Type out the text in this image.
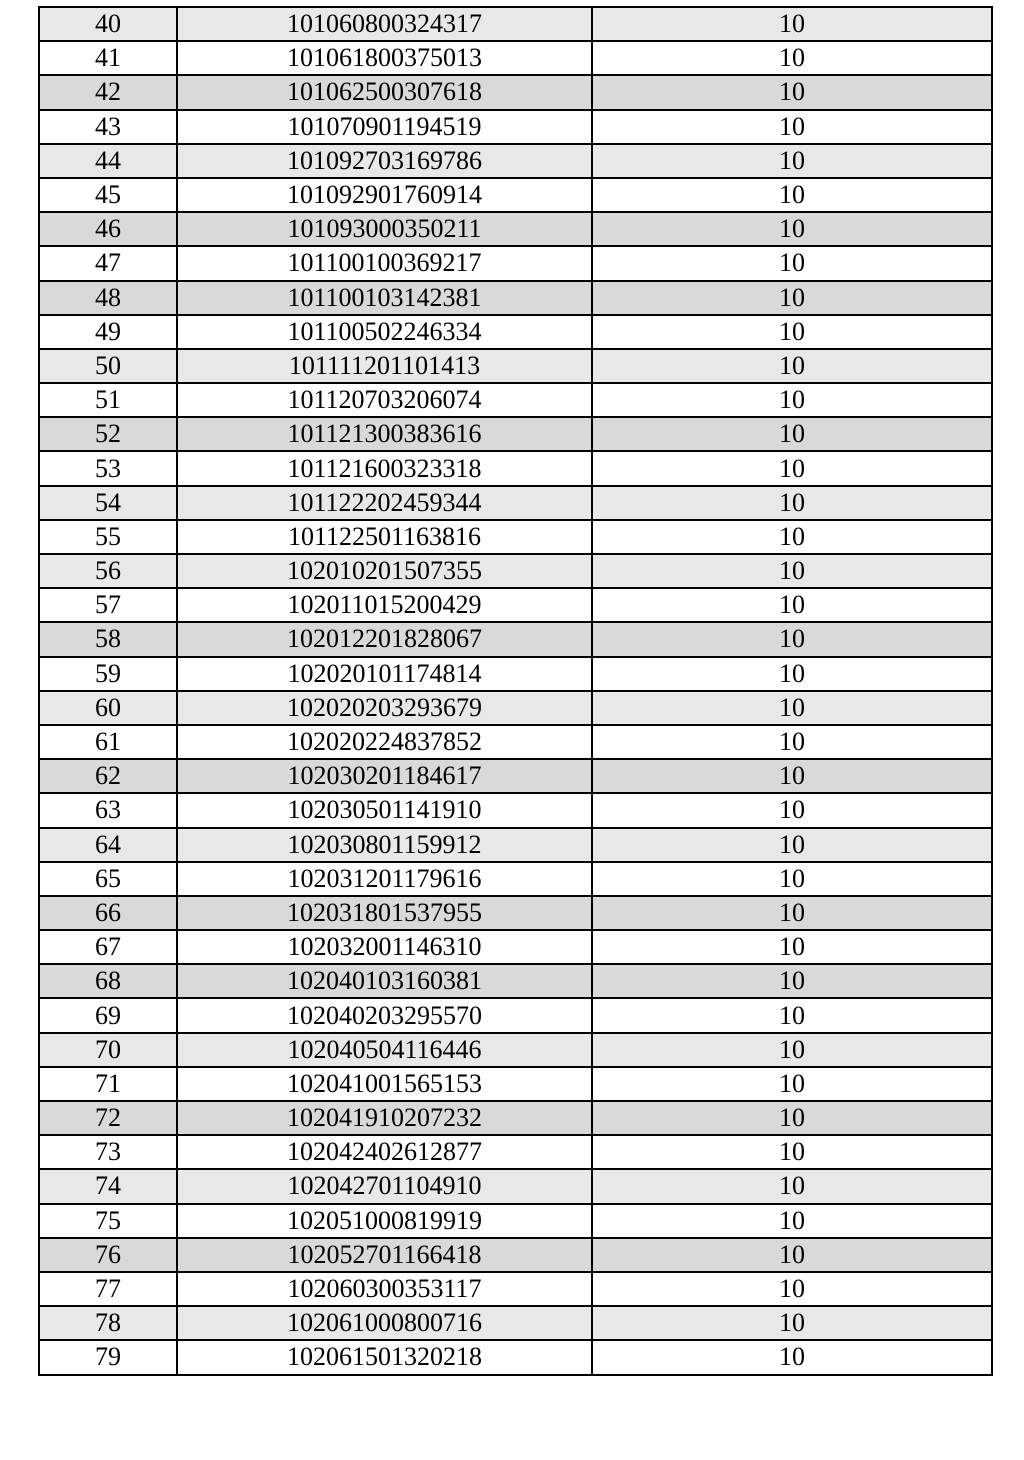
40	101060800324317	10
41	101061800375013	10
42	101062500307618	10
43	101070901194519	10
44	101092703169786	10
45	101092901760914	10
46	101093000350211	10
47	101100100369217	10
48	101100103142381	10
49	101100502246334	10
50	101111201101413	10
51	101120703206074	10
52	101121300383616	10
53	101121600323318	10
54	101122202459344	10
55	101122501163816	10
56	102010201507355	10
57	102011015200429	10
58	102012201828067	10
59	102020101174814	10
60	102020203293679	10
61	102020224837852	10
62	102030201184617	10
63	102030501141910	10
64	102030801159912	10
65	102031201179616	10
66	102031801537955	10
67	102032001146310	10
68	102040103160381	10
69	102040203295570	10
70	102040504116446	10
71	102041001565153	10
72	102041910207232	10
73	102042402612877	10
74	102042701104910	10
75	102051000819919	10
76	102052701166418	10
77	102060300353117	10
78	102061000800716	10
79	102061501320218	10
